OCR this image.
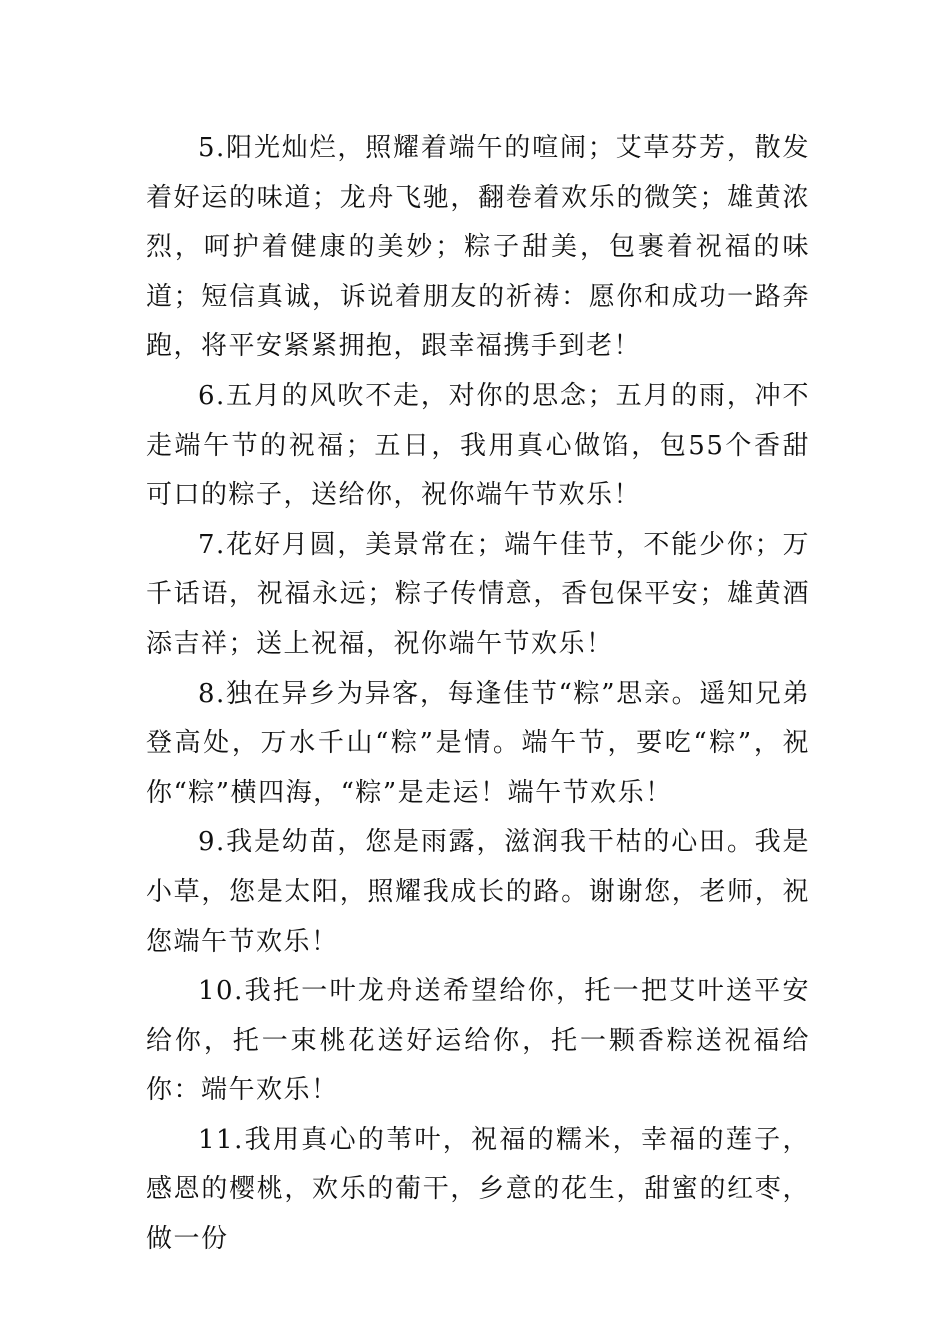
5.阳光灿烂，照耀着端午的喧闹；艾草芬芳，散发着好运的味道；龙舟飞驰，翻卷着欢乐的微笑；雄黄浓烈，呵护着健康的美妙；粽子甜美，包裹着祝福的味道；短信真诚，诉说着朋友的祈祷：愿你和成功一路奔跑，将平安紧紧拥抱，跟幸福携手到老！

6.五月的风吹不走，对你的思念；五月的雨，冲不走端午节的祝福；五日，我用真心做馅，包55个香甜可口的粽子，送给你，祝你端午节欢乐！

7.花好月圆，美景常在；端午佳节，不能少你；万千话语，祝福永远；粽子传情意，香包保平安；雄黄酒添吉祥；送上祝福，祝你端午节欢乐！

8.独在异乡为异客，每逢佳节“粽”思亲。遥知兄弟登高处，万水千山“粽”是情。端午节，要吃“粽”，祝你“粽”横四海，“粽”是走运！端午节欢乐！

9.我是幼苗，您是雨露，滋润我干枯的心田。我是小草，您是太阳，照耀我成长的路。谢谢您，老师，祝您端午节欢乐！

10.我托一叶龙舟送希望给你，托一把艾叶送平安给你，托一束桃花送好运给你，托一颗香粽送祝福给你：端午欢乐！

11.我用真心的苇叶，祝福的糯米，幸福的莲子，感恩的樱桃，欢乐的葡干，乡意的花生，甜蜜的红枣，做一份
